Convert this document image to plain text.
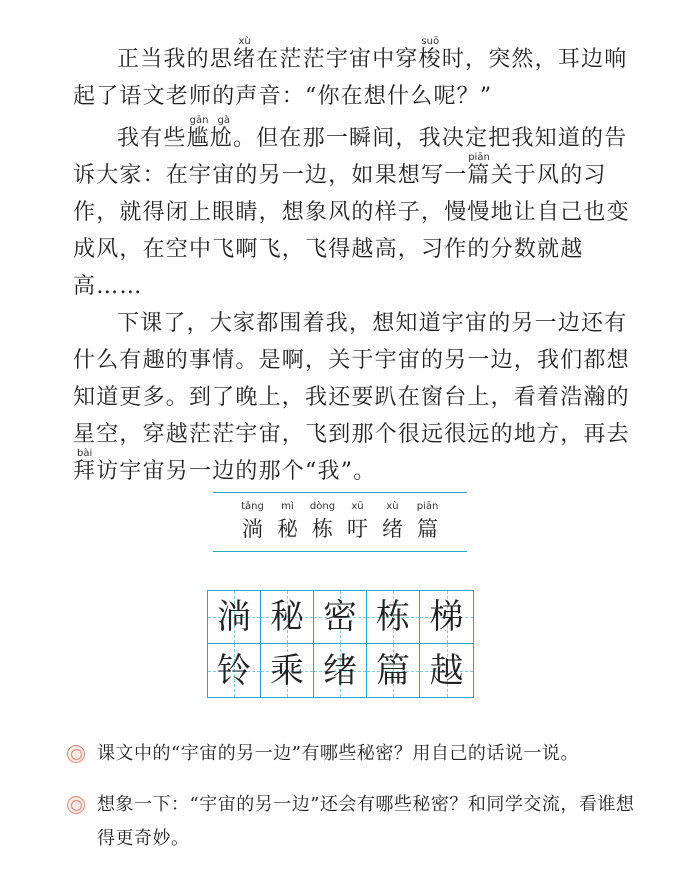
正当我的思绪xù在茫茫宇宙中穿梭suō时，突然，耳边响起了语文老师的声音：“你在想什么呢？”

我有些尴尬gān gà。但在那一瞬间，我决定把我知道的告诉大家：在宇宙的另一边，如果想写一篇piān关于风的习作，就得闭上眼睛，想象风的样子，慢慢地让自己也变成风，在空中飞啊飞，飞得越高，习作的分数就越高……

下课了，大家都围着我，想知道宇宙的另一边还有什么有趣的事情。是啊，关于宇宙的另一边，我们都想知道更多。到了晚上，我还要趴在窗台上，看着浩瀚的星空，穿越茫茫宇宙，飞到那个很远很远的地方，再去拜bài访宇宙另一边的那个“我”。

tǎng
淌
mì
秘
dòng
栋
xū
吁
xù
绪
piān
篇
淌 秘 密 栋 梯
铃 乘 绪 篇 越
课文中的“宇宙的另一边”有哪些秘密？用自己的话说一说。
想象一下：“宇宙的另一边”还会有哪些秘密？和同学交流，看谁想得更奇妙。
